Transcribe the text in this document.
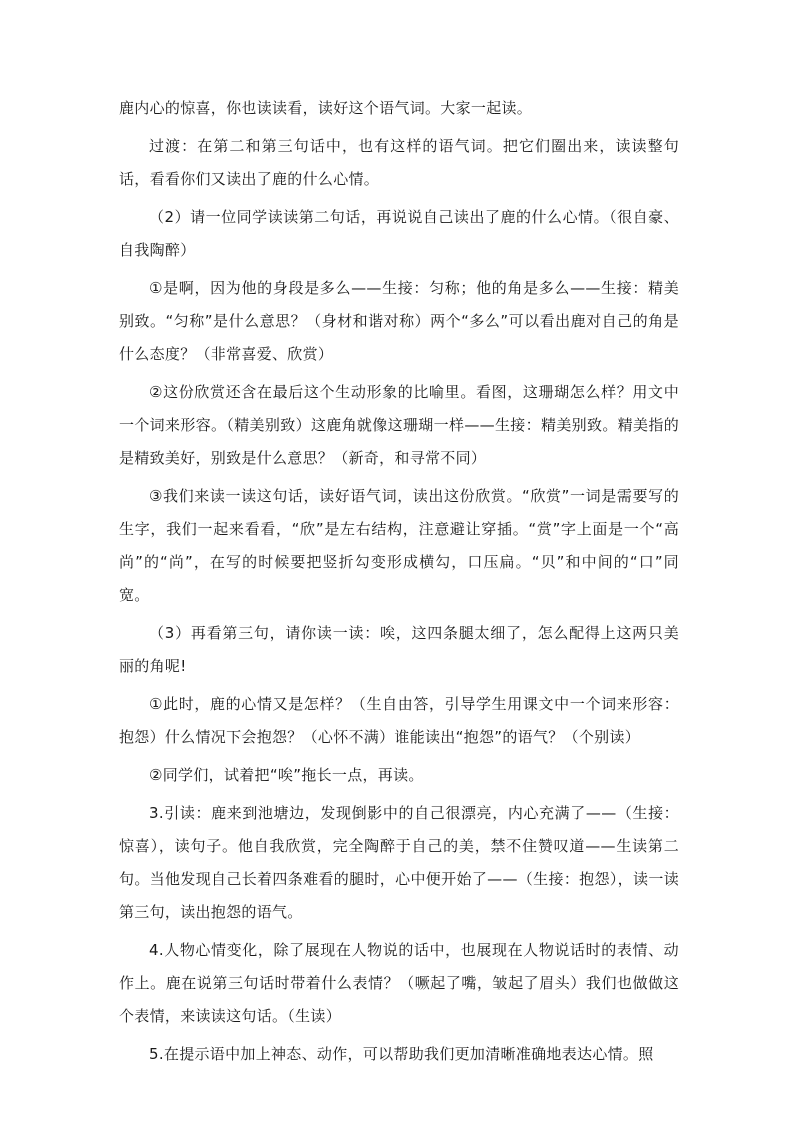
鹿内心的惊喜，你也读读看，读好这个语气词。大家一起读。

过渡：在第二和第三句话中，也有这样的语气词。把它们圈出来，读读整句话，看看你们又读出了鹿的什么心情。

（2）请一位同学读读第二句话，再说说自己读出了鹿的什么心情。（很自豪、自我陶醉）

①是啊，因为他的身段是多么——生接：匀称；他的角是多么——生接：精美别致。“匀称”是什么意思？（身材和谐对称）两个“多么”可以看出鹿对自己的角是什么态度？（非常喜爱、欣赏）

②这份欣赏还含在最后这个生动形象的比喻里。看图，这珊瑚怎么样？用文中一个词来形容。（精美别致）这鹿角就像这珊瑚一样——生接：精美别致。精美指的是精致美好，别致是什么意思？（新奇，和寻常不同）

③我们来读一读这句话，读好语气词，读出这份欣赏。“欣赏”一词是需要写的生字，我们一起来看看，“欣”是左右结构，注意避让穿插。“赏”字上面是一个“高尚”的“尚”，在写的时候要把竖折勾变形成横勾，口压扁。“贝”和中间的“口”同宽。

（3）再看第三句，请你读一读：唉，这四条腿太细了，怎么配得上这两只美丽的角呢!

①此时，鹿的心情又是怎样？（生自由答，引导学生用课文中一个词来形容：抱怨）什么情况下会抱怨？（心怀不满）谁能读出“抱怨”的语气？（个别读）

②同学们，试着把“唉”拖长一点，再读。

3.引读：鹿来到池塘边，发现倒影中的自己很漂亮，内心充满了——（生接：惊喜），读句子。他自我欣赏，完全陶醉于自己的美，禁不住赞叹道——生读第二句。当他发现自己长着四条难看的腿时，心中便开始了——（生接：抱怨），读一读第三句，读出抱怨的语气。

4.人物心情变化，除了展现在人物说的话中，也展现在人物说话时的表情、动作上。鹿在说第三句话时带着什么表情？（噘起了嘴，皱起了眉头）我们也做做这个表情，来读读这句话。（生读）

5.在提示语中加上神态、动作，可以帮助我们更加清晰准确地表达心情。照
